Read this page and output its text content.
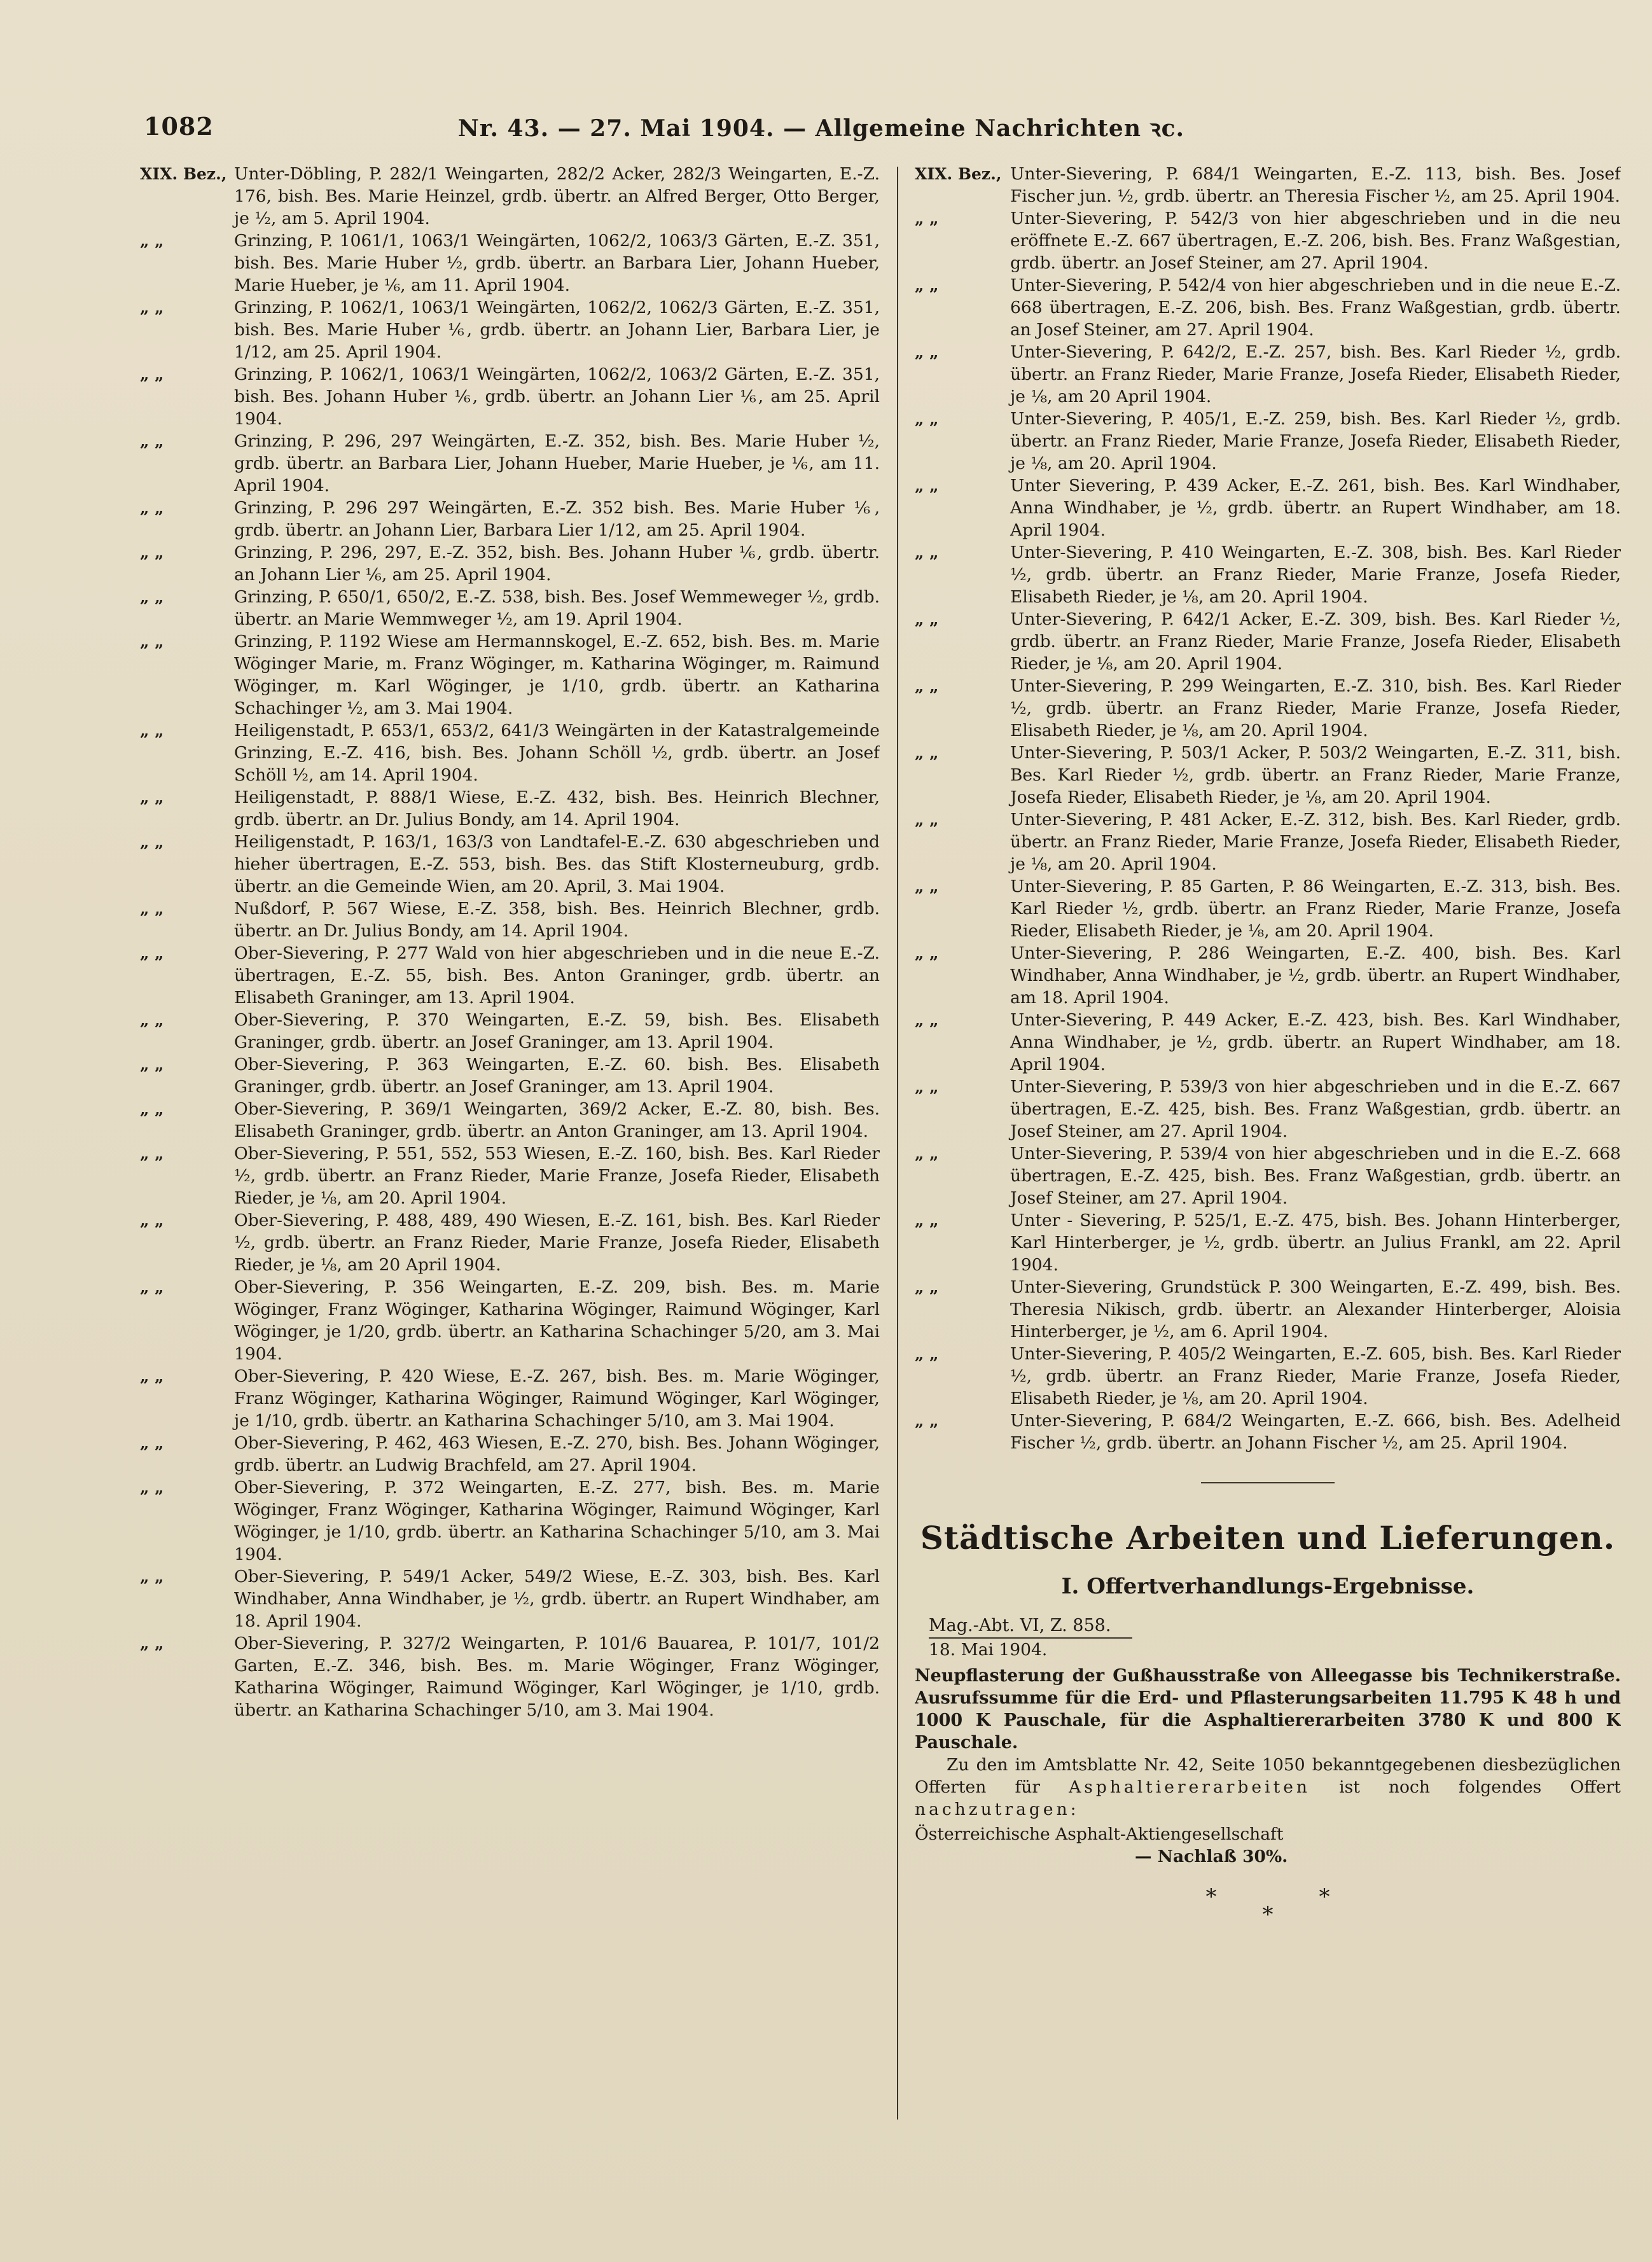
1082	Nr. 43. — 27. Mai 1904. — Allgemeine Nachrichten ꝛc.
XIX. Bez., Unter-Döbling, P. 282/1 Weingarten, 282/2 Acker, 282/3 Weingarten, E.-Z. 176, bish. Bes. Marie Heinzel, grdb. übertr. an Alfred Berger, Otto Berger, je ½, am 5. April 1904.
„ „	Grinzing, P. 1061/1, 1063/1 Weingärten, 1062/2, 1063/3 Gärten, E.-Z. 351, bish. Bes. Marie Huber ½, grdb. übertr. an Barbara Lier, Johann Hueber, Marie Hueber, je ⅙, am 11. April 1904.
„ „	Grinzing, P. 1062/1, 1063/1 Weingärten, 1062/2, 1062/3 Gärten, E.-Z. 351, bish. Bes. Marie Huber ⅙, grdb. übertr. an Johann Lier, Barbara Lier, je 1/12, am 25. April 1904.
„ „	Grinzing, P. 1062/1, 1063/1 Weingärten, 1062/2, 1063/2 Gärten, E.-Z. 351, bish. Bes. Johann Huber ⅙, grdb. übertr. an Johann Lier ⅙, am 25. April 1904.
„ „	Grinzing, P. 296, 297 Weingärten, E.-Z. 352, bish. Bes. Marie Huber ½, grdb. übertr. an Barbara Lier, Johann Hueber, Marie Hueber, je ⅙, am 11. April 1904.
„ „	Grinzing, P. 296 297 Weingärten, E.-Z. 352 bish. Bes. Marie Huber ⅙, grdb. übertr. an Johann Lier, Barbara Lier 1/12, am 25. April 1904.
„ „	Grinzing, P. 296, 297, E.-Z. 352, bish. Bes. Johann Huber ⅙, grdb. übertr. an Johann Lier ⅙, am 25. April 1904.
„ „	Grinzing, P. 650/1, 650/2, E.-Z. 538, bish. Bes. Josef Wemmeweger ½, grdb. übertr. an Marie Wemmweger ½, am 19. April 1904.
„ „	Grinzing, P. 1192 Wiese am Hermannskogel, E.-Z. 652, bish. Bes. m. Marie Wöginger Marie, m. Franz Wöginger, m. Katharina Wöginger, m. Raimund Wöginger, m. Karl Wöginger, je 1/10, grdb. übertr. an Katharina Schachinger ½, am 3. Mai 1904.
„ „	Heiligenstadt, P. 653/1, 653/2, 641/3 Weingärten in der Katastralgemeinde Grinzing, E.-Z. 416, bish. Bes. Johann Schöll ½, grdb. übertr. an Josef Schöll ½, am 14. April 1904.
„ „	Heiligenstadt, P. 888/1 Wiese, E.-Z. 432, bish. Bes. Heinrich Blechner, grdb. übertr. an Dr. Julius Bondy, am 14. April 1904.
„ „	Heiligenstadt, P. 163/1, 163/3 von Landtafel-E.-Z. 630 abgeschrieben und hieher übertragen, E.-Z. 553, bish. Bes. das Stift Klosterneuburg, grdb. übertr. an die Gemeinde Wien, am 20. April, 3. Mai 1904.
„ „	Nußdorf, P. 567 Wiese, E.-Z. 358, bish. Bes. Heinrich Blechner, grdb. übertr. an Dr. Julius Bondy, am 14. April 1904.
„ „	Ober-Sievering, P. 277 Wald von hier abgeschrieben und in die neue E.-Z. übertragen, E.-Z. 55, bish. Bes. Anton Graninger, grdb. übertr. an Elisabeth Graninger, am 13. April 1904.
„ „	Ober-Sievering, P. 370 Weingarten, E.-Z. 59, bish. Bes. Elisabeth Graninger, grdb. übertr. an Josef Graninger, am 13. April 1904.
„ „	Ober-Sievering, P. 363 Weingarten, E.-Z. 60. bish. Bes. Elisabeth Graninger, grdb. übertr. an Josef Graninger, am 13. April 1904.
„ „	Ober-Sievering, P. 369/1 Weingarten, 369/2 Acker, E.-Z. 80, bish. Bes. Elisabeth Graninger, grdb. übertr. an Anton Graninger, am 13. April 1904.
„ „	Ober-Sievering, P. 551, 552, 553 Wiesen, E.-Z. 160, bish. Bes. Karl Rieder ½, grdb. übertr. an Franz Rieder, Marie Franze, Josefa Rieder, Elisabeth Rieder, je ⅛, am 20. April 1904.
„ „	Ober-Sievering, P. 488, 489, 490 Wiesen, E.-Z. 161, bish. Bes. Karl Rieder ½, grdb. übertr. an Franz Rieder, Marie Franze, Josefa Rieder, Elisabeth Rieder, je ⅛, am 20 April 1904.
„ „	Ober-Sievering, P. 356 Weingarten, E.-Z. 209, bish. Bes. m. Marie Wöginger, Franz Wöginger, Katharina Wöginger, Raimund Wöginger, Karl Wöginger, je 1/20, grdb. übertr. an Katharina Schachinger 5/20, am 3. Mai 1904.
„ „	Ober-Sievering, P. 420 Wiese, E.-Z. 267, bish. Bes. m. Marie Wöginger, Franz Wöginger, Katharina Wöginger, Raimund Wöginger, Karl Wöginger, je 1/10, grdb. übertr. an Katharina Schachinger 5/10, am 3. Mai 1904.
„ „	Ober-Sievering, P. 462, 463 Wiesen, E.-Z. 270, bish. Bes. Johann Wöginger, grdb. übertr. an Ludwig Brachfeld, am 27. April 1904.
„ „	Ober-Sievering, P. 372 Weingarten, E.-Z. 277, bish. Bes. m. Marie Wöginger, Franz Wöginger, Katharina Wöginger, Raimund Wöginger, Karl Wöginger, je 1/10, grdb. übertr. an Katharina Schachinger 5/10, am 3. Mai 1904.
„ „	Ober-Sievering, P. 549/1 Acker, 549/2 Wiese, E.-Z. 303, bish. Bes. Karl Windhaber, Anna Windhaber, je ½, grdb. übertr. an Rupert Windhaber, am 18. April 1904.
„ „	Ober-Sievering, P. 327/2 Weingarten, P. 101/6 Bauarea, P. 101/7, 101/2 Garten, E.-Z. 346, bish. Bes. m. Marie Wöginger, Franz Wöginger, Katharina Wöginger, Raimund Wöginger, Karl Wöginger, je 1/10, grdb. übertr. an Katharina Schachinger 5/10, am 3. Mai 1904.
XIX. Bez., Unter-Sievering, P. 684/1 Weingarten, E.-Z. 113, bish. Bes. Josef Fischer jun. ½, grdb. übertr. an Theresia Fischer ½, am 25. April 1904.
„ „	Unter-Sievering, P. 542/3 von hier abgeschrieben und in die neu eröffnete E.-Z. 667 übertragen, E.-Z. 206, bish. Bes. Franz Waßgestian, grdb. übertr. an Josef Steiner, am 27. April 1904.
„ „	Unter-Sievering, P. 542/4 von hier abgeschrieben und in die neue E.-Z. 668 übertragen, E.-Z. 206, bish. Bes. Franz Waßgestian, grdb. übertr. an Josef Steiner, am 27. April 1904.
„ „	Unter-Sievering, P. 642/2, E.-Z. 257, bish. Bes. Karl Rieder ½, grdb. übertr. an Franz Rieder, Marie Franze, Josefa Rieder, Elisabeth Rieder, je ⅛, am 20 April 1904.
„ „	Unter-Sievering, P. 405/1, E.-Z. 259, bish. Bes. Karl Rieder ½, grdb. übertr. an Franz Rieder, Marie Franze, Josefa Rieder, Elisabeth Rieder, je ⅛, am 20. April 1904.
„ „	Unter Sievering, P. 439 Acker, E.-Z. 261, bish. Bes. Karl Windhaber, Anna Windhaber, je ½, grdb. übertr. an Rupert Windhaber, am 18. April 1904.
„ „	Unter-Sievering, P. 410 Weingarten, E.-Z. 308, bish. Bes. Karl Rieder ½, grdb. übertr. an Franz Rieder, Marie Franze, Josefa Rieder, Elisabeth Rieder, je ⅛, am 20. April 1904.
„ „	Unter-Sievering, P. 642/1 Acker, E.-Z. 309, bish. Bes. Karl Rieder ½, grdb. übertr. an Franz Rieder, Marie Franze, Josefa Rieder, Elisabeth Rieder, je ⅛, am 20. April 1904.
„ „	Unter-Sievering, P. 299 Weingarten, E.-Z. 310, bish. Bes. Karl Rieder ½, grdb. übertr. an Franz Rieder, Marie Franze, Josefa Rieder, Elisabeth Rieder, je ⅛, am 20. April 1904.
„ „	Unter-Sievering, P. 503/1 Acker, P. 503/2 Weingarten, E.-Z. 311, bish. Bes. Karl Rieder ½, grdb. übertr. an Franz Rieder, Marie Franze, Josefa Rieder, Elisabeth Rieder, je ⅛, am 20. April 1904.
„ „	Unter-Sievering, P. 481 Acker, E.-Z. 312, bish. Bes. Karl Rieder, grdb. übertr. an Franz Rieder, Marie Franze, Josefa Rieder, Elisabeth Rieder, je ⅛, am 20. April 1904.
„ „	Unter-Sievering, P. 85 Garten, P. 86 Weingarten, E.-Z. 313, bish. Bes. Karl Rieder ½, grdb. übertr. an Franz Rieder, Marie Franze, Josefa Rieder, Elisabeth Rieder, je ⅛, am 20. April 1904.
„ „	Unter-Sievering, P. 286 Weingarten, E.-Z. 400, bish. Bes. Karl Windhaber, Anna Windhaber, je ½, grdb. übertr. an Rupert Windhaber, am 18. April 1904.
„ „	Unter-Sievering, P. 449 Acker, E.-Z. 423, bish. Bes. Karl Windhaber, Anna Windhaber, je ½, grdb. übertr. an Rupert Windhaber, am 18. April 1904.
„ „	Unter-Sievering, P. 539/3 von hier abgeschrieben und in die E.-Z. 667 übertragen, E.-Z. 425, bish. Bes. Franz Waßgestian, grdb. übertr. an Josef Steiner, am 27. April 1904.
„ „	Unter-Sievering, P. 539/4 von hier abgeschrieben und in die E.-Z. 668 übertragen, E.-Z. 425, bish. Bes. Franz Waßgestian, grdb. übertr. an Josef Steiner, am 27. April 1904.
„ „	Unter - Sievering, P. 525/1, E.-Z. 475, bish. Bes. Johann Hinterberger, Karl Hinterberger, je ½, grdb. übertr. an Julius Frankl, am 22. April 1904.
„ „	Unter-Sievering, Grundstück P. 300 Weingarten, E.-Z. 499, bish. Bes. Theresia Nikisch, grdb. übertr. an Alexander Hinterberger, Aloisia Hinterberger, je ½, am 6. April 1904.
„ „	Unter-Sievering, P. 405/2 Weingarten, E.-Z. 605, bish. Bes. Karl Rieder ½, grdb. übertr. an Franz Rieder, Marie Franze, Josefa Rieder, Elisabeth Rieder, je ⅛, am 20. April 1904.
„ „	Unter-Sievering, P. 684/2 Weingarten, E.-Z. 666, bish. Bes. Adelheid Fischer ½, grdb. übertr. an Johann Fischer ½, am 25. April 1904.
Städtische Arbeiten und Lieferungen.
I. Offertverhandlungs-Ergebnisse.
Mag.-Abt. VI, Z. 858.
18. Mai 1904.
Neupflasterung der Gußhausstraße von Alleegasse bis Technikerstraße. Ausrufssumme für die Erd- und Pflasterungsarbeiten 11.795 K 48 h und 1000 K Pauschale, für die Asphaltiererarbeiten 3780 K und 800 K Pauschale.
Zu den im Amtsblatte Nr. 42, Seite 1050 bekanntgegebenen diesbezüglichen Offerten für Asphaltiererarbeiten ist noch folgendes Offert nachzutragen:
Österreichische Asphalt-Aktiengesellschaft
— Nachlaß 30%.
***
